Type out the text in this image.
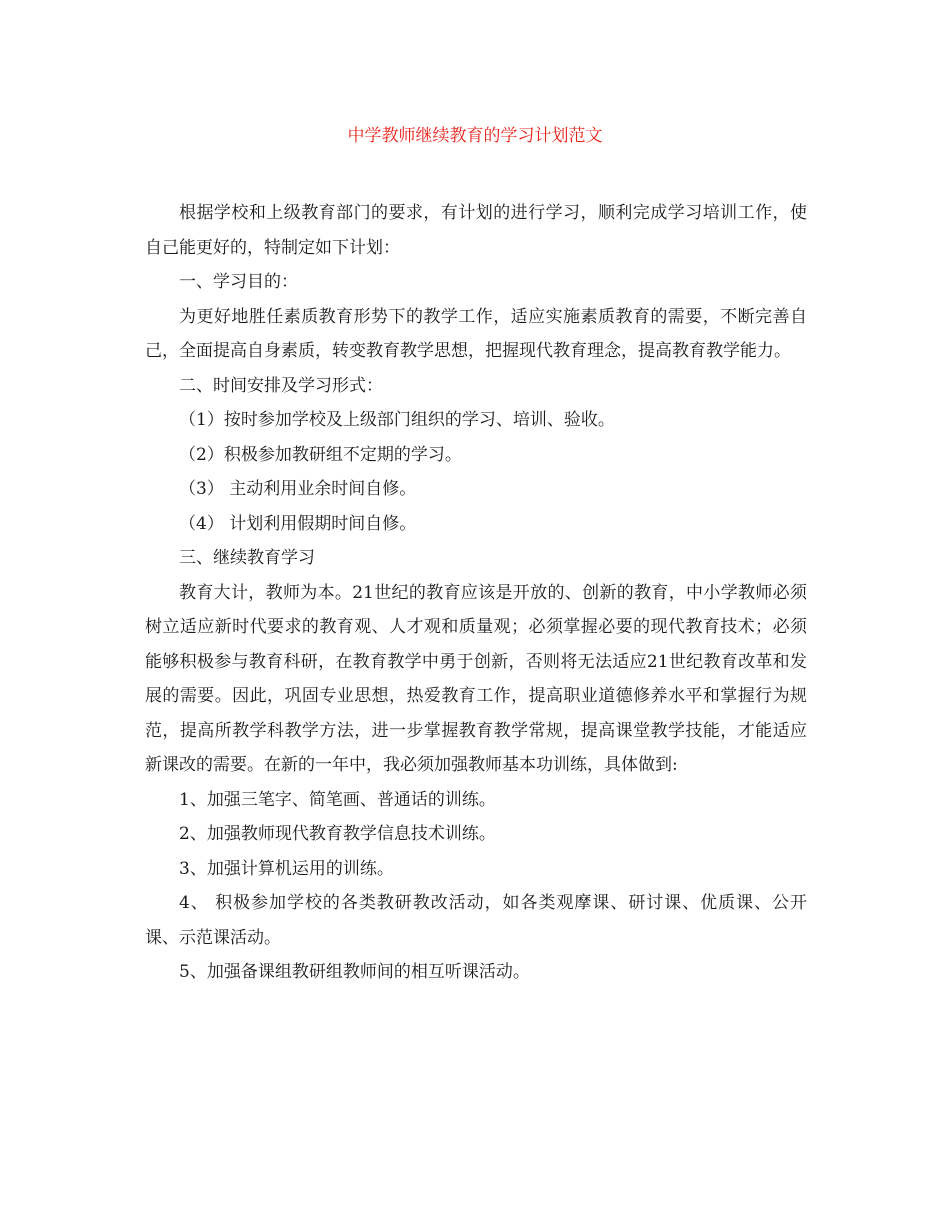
中学教师继续教育的学习计划范文

根据学校和上级教育部门的要求，有计划的进行学习，顺利完成学习培训工作，使自己能更好的，特制定如下计划：

一、学习目的：

为更好地胜任素质教育形势下的教学工作，适应实施素质教育的需要，不断完善自己，全面提高自身素质，转变教育教学思想，把握现代教育理念，提高教育教学能力。

二、时间安排及学习形式：

（1）按时参加学校及上级部门组织的学习、培训、验收。

（2）积极参加教研组不定期的学习。

（3） 主动利用业余时间自修。

（4） 计划利用假期时间自修。

三、继续教育学习

教育大计，教师为本。21世纪的教育应该是开放的、创新的教育，中小学教师必须树立适应新时代要求的教育观、人才观和质量观；必须掌握必要的现代教育技术；必须能够积极参与教育科研，在教育教学中勇于创新，否则将无法适应21世纪教育改革和发展的需要。因此，巩固专业思想，热爱教育工作，提高职业道德修养水平和掌握行为规范，提高所教学科教学方法，进一步掌握教育教学常规，提高课堂教学技能，才能适应新课改的需要。在新的一年中，我必须加强教师基本功训练，具体做到:

1、加强三笔字、简笔画、普通话的训练。

2、加强教师现代教育教学信息技术训练。

3、加强计算机运用的训练。

4、 积极参加学校的各类教研教改活动，如各类观摩课、研讨课、优质课、公开课、示范课活动。

5、加强备课组教研组教师间的相互听课活动。
